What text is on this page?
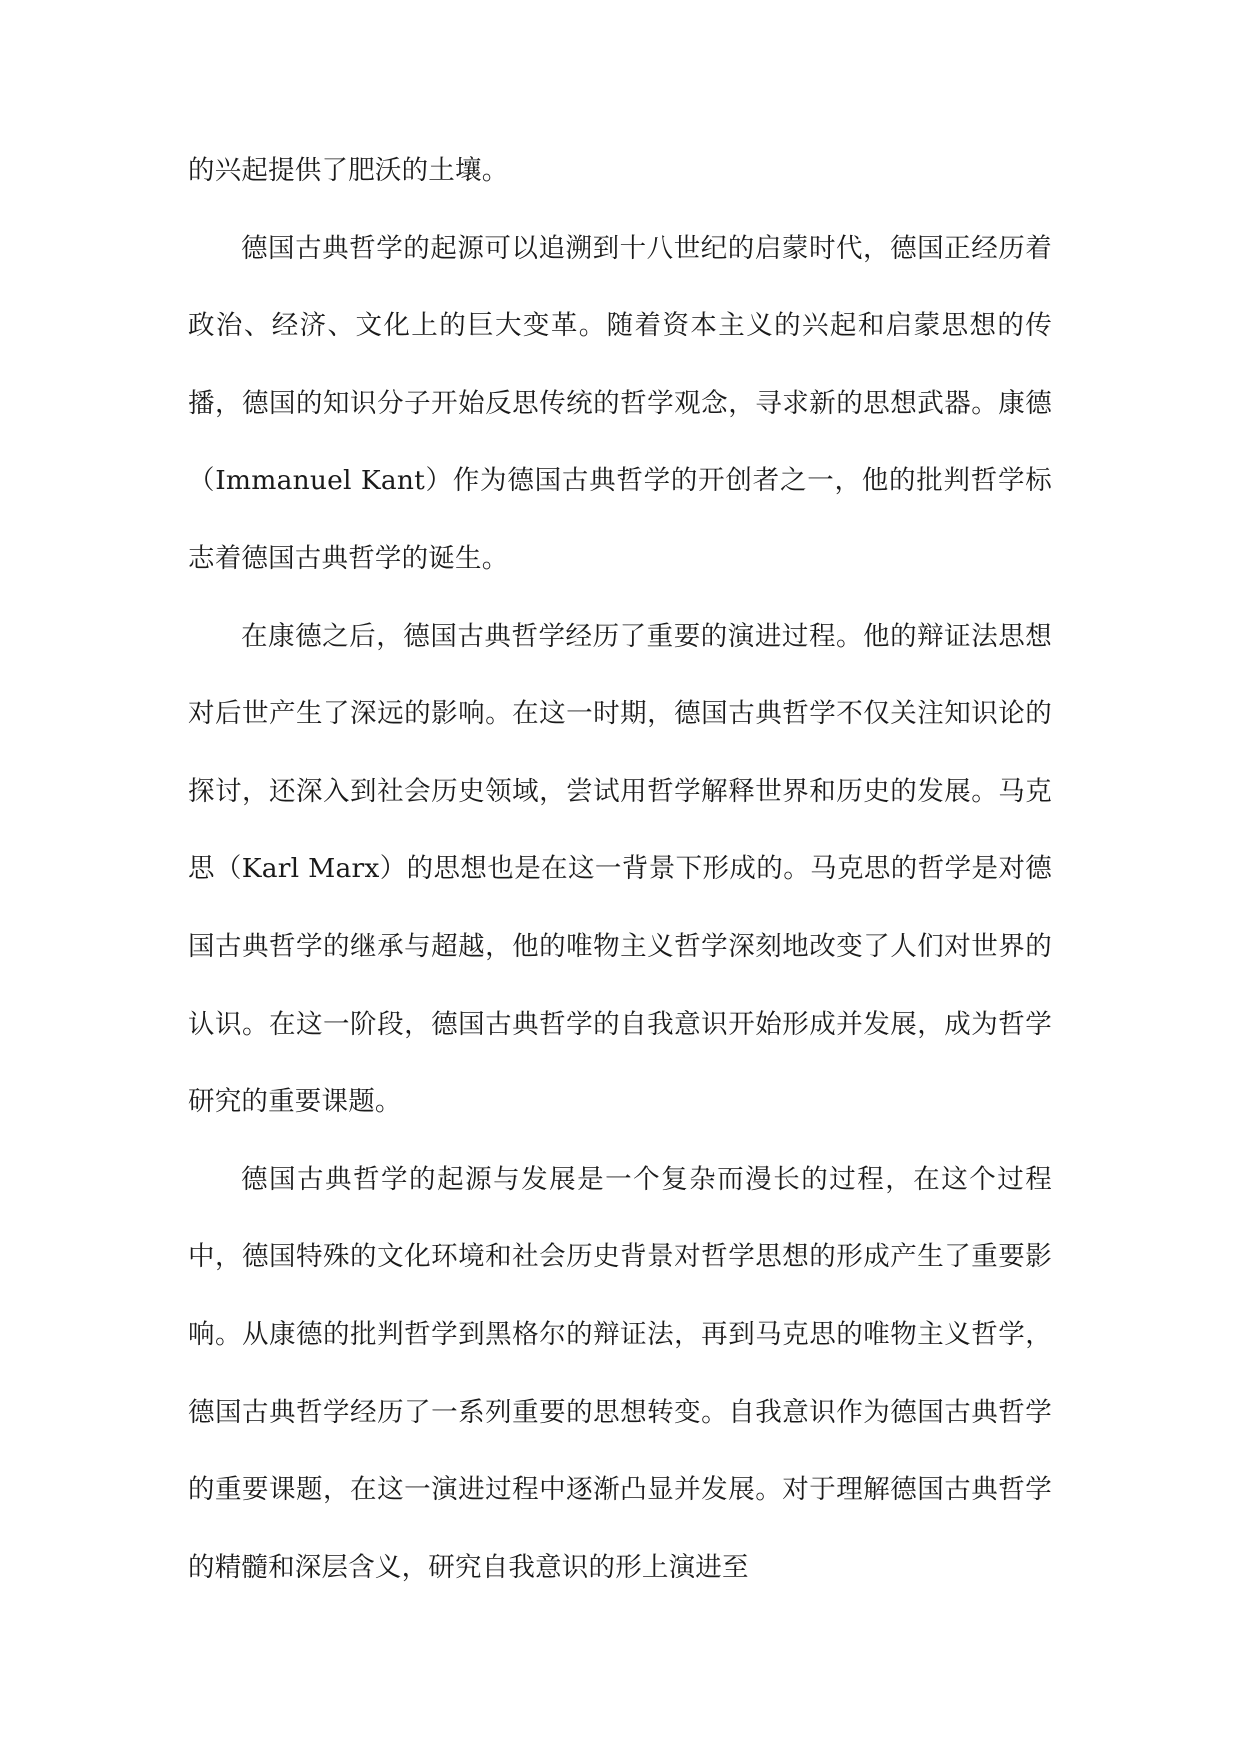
的兴起提供了肥沃的土壤。

德国古典哲学的起源可以追溯到十八世纪的启蒙时代，德国正经历着政治、经济、文化上的巨大变革。随着资本主义的兴起和启蒙思想的传播，德国的知识分子开始反思传统的哲学观念，寻求新的思想武器。康德（Immanuel Kant）作为德国古典哲学的开创者之一，他的批判哲学标志着德国古典哲学的诞生。

在康德之后，德国古典哲学经历了重要的演进过程。他的辩证法思想对后世产生了深远的影响。在这一时期，德国古典哲学不仅关注知识论的探讨，还深入到社会历史领域，尝试用哲学解释世界和历史的发展。马克思（Karl Marx）的思想也是在这一背景下形成的。马克思的哲学是对德国古典哲学的继承与超越，他的唯物主义哲学深刻地改变了人们对世界的认识。在这一阶段，德国古典哲学的自我意识开始形成并发展，成为哲学研究的重要课题。

德国古典哲学的起源与发展是一个复杂而漫长的过程，在这个过程中，德国特殊的文化环境和社会历史背景对哲学思想的形成产生了重要影响。从康德的批判哲学到黑格尔的辩证法，再到马克思的唯物主义哲学，德国古典哲学经历了一系列重要的思想转变。自我意识作为德国古典哲学的重要课题，在这一演进过程中逐渐凸显并发展。对于理解德国古典哲学的精髓和深层含义，研究自我意识的形上演进至
